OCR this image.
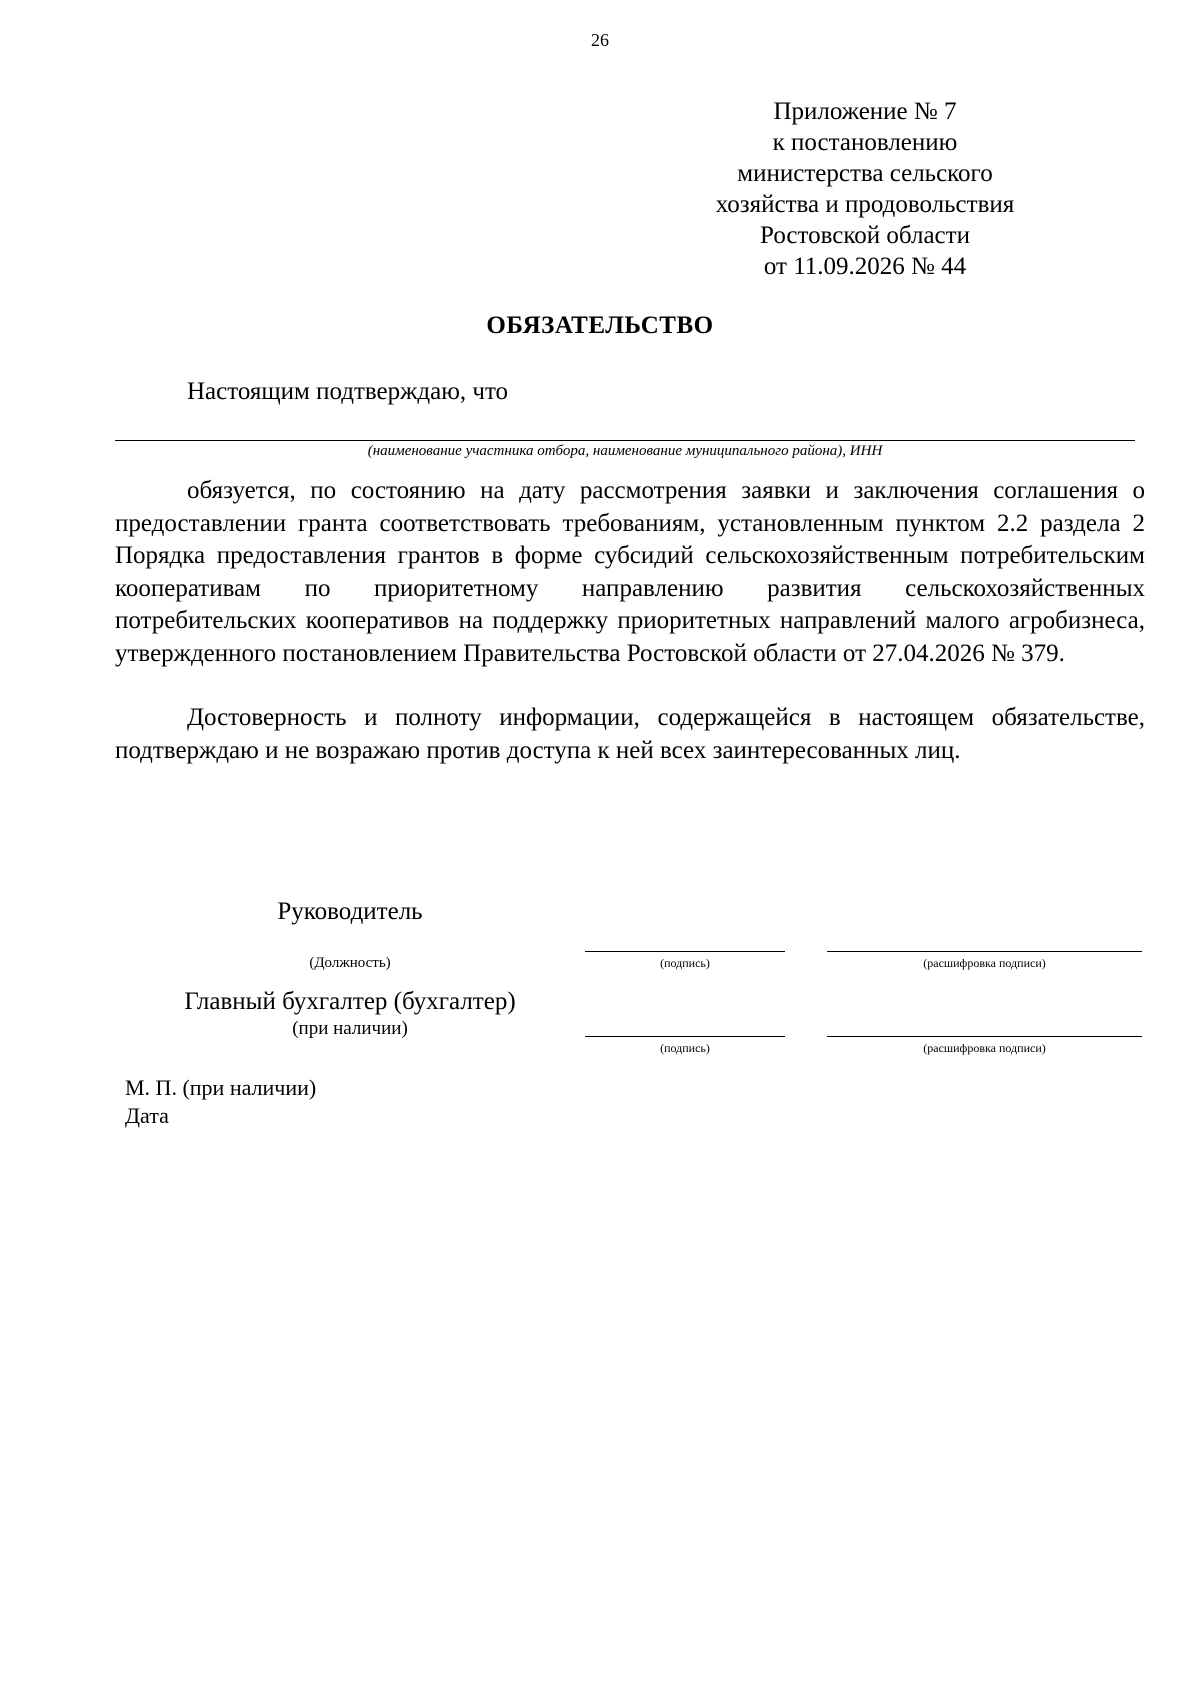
26
Приложение № 7
к постановлению
министерства сельского
хозяйства и продовольствия
Ростовской области
от 11.09.2026 № 44
ОБЯЗАТЕЛЬСТВО
Настоящим подтверждаю, что
(наименование участника отбора, наименование муниципального района), ИНН

обязуется, по состоянию на дату рассмотрения заявки и заключения соглашения о предоставлении гранта соответствовать требованиям, установленным пунктом 2.2 раздела 2 Порядка предоставления грантов в форме субсидий сельскохозяйственным потребительским кооперативам по приоритетному направлению развития сельскохозяйственных потребительских кооперативов на поддержку приоритетных направлений малого агробизнеса, утвержденного постановлением Правительства Ростовской области от 27.04.2026 № 379.

Достоверность и полноту информации, содержащейся в настоящем обязательстве, подтверждаю и не возражаю против доступа к ней всех заинтересованных лиц.

Руководитель
(Должность)	(подпись)	(расшифровка подписи)
Главный бухгалтер (бухгалтер)
(при наличии)
(подпись)	(расшифровка подписи)
М. П. (при наличии)
Дата
